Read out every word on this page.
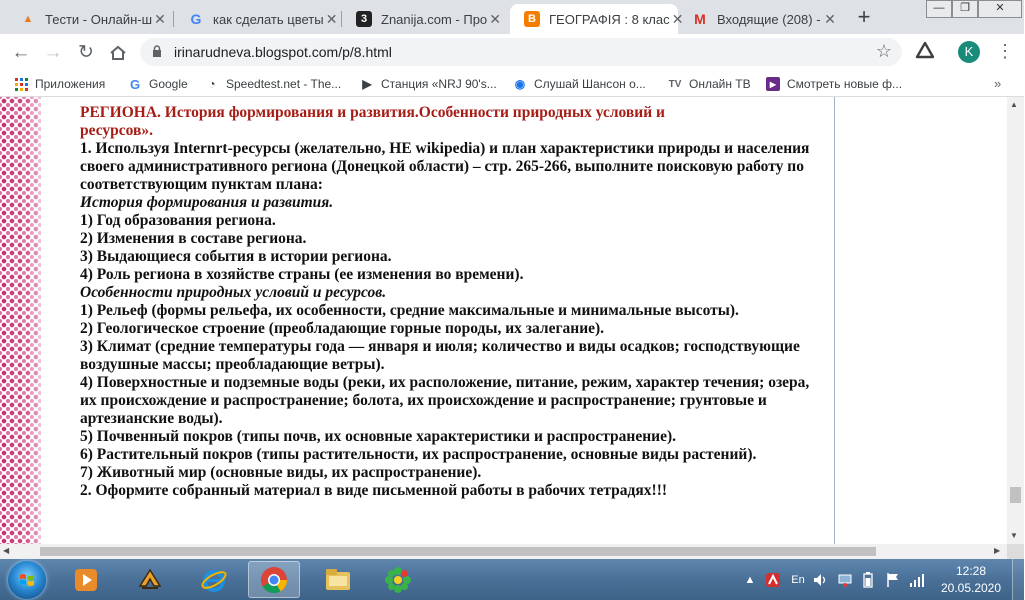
▲ Тести - Онлайн-ш ✕ G как сделать цветы ✕	3	Znanija.com - Про ✕	B	ГЕОГРАФІЯ : 8 клас ✕ M Входящие (208) - ✕ +	—	❐	✕
← → ↻	irinarudneva.blogspot.com/p/8.html	☆	K	⋮
Приложения G Google ◔ Speedtest.net - The... ▶ Станция «NRJ 90's... ◉ Слушай Шансон о... TV Онлайн ТВ	▶ Смотреть новые ф...	»

РЕГИОНА. История формирования и развития.Особенности природных условий и
ресурсов».

1. Используя Internrt-ресурсы (желательно, НЕ wikipedia) и план характеристики природы и населения своего административного региона (Донецкой области) – стр. 265-266, выполните поисковую работу по соответствующим пунктам плана:

История формирования и развития.

1) Год образования региона.

2) Изменения в составе региона.

3) Выдающиеся события в истории региона.

4) Роль региона в хозяйстве страны (ее изменения во времени).

Особенности природных условий и ресурсов.

1) Рельеф (формы рельефа, их особенности, средние максимальные и минимальные высоты).

2) Геологическое строение (преобладающие горные породы, их залегание).

3) Климат (средние температуры года — января и июля; количество и виды осадков; господствующие воздушные массы; преобладающие ветры).

4) Поверхностные и подземные воды (реки, их расположение, питание, режим, характер течения; озера, их происхождение и распространение; болота, их происхождение и распространение; грунтовые и артезианские воды).

5) Почвенный покров (типы почв, их основные характеристики и распространение).

6) Растительный покров (типы растительности, их распространение, основные виды растений).

7) Животный мир (основные виды, их распространение).

2. Оформите собранный материал в виде письменной работы в рабочих тетрадях!!!

▲
▼
◀	▶
▲	En
12:28
20.05.2020
